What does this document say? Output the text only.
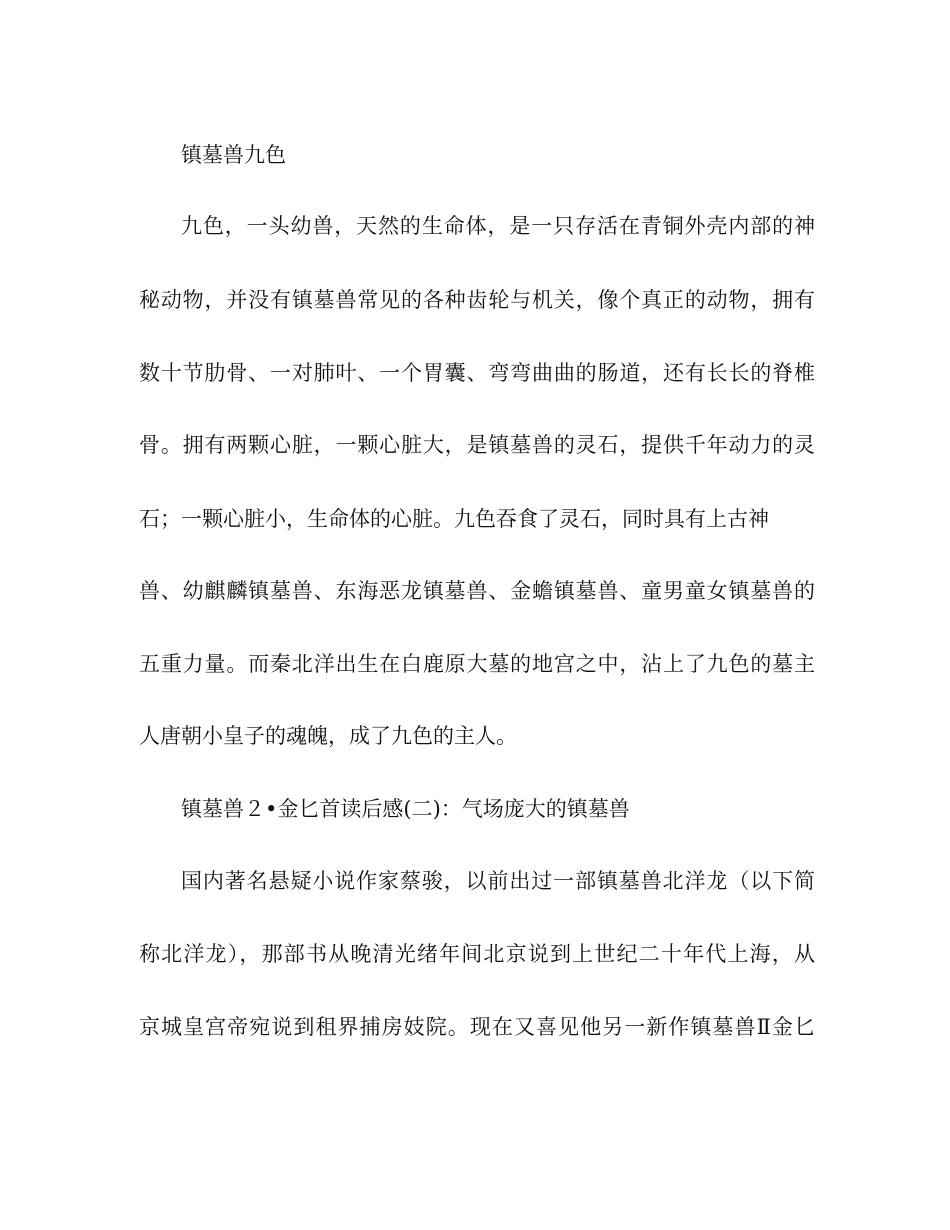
镇墓兽九色
九色，一头幼兽，天然的生命体，是一只存活在青铜外壳内部的神
秘动物，并没有镇墓兽常见的各种齿轮与机关，像个真正的动物，拥有
数十节肋骨、一对肺叶、一个胃囊、弯弯曲曲的肠道，还有长长的脊椎
骨。拥有两颗心脏，一颗心脏大，是镇墓兽的灵石，提供千年动力的灵
石；一颗心脏小，生命体的心脏。九色吞食了灵石，同时具有上古神
兽、幼麒麟镇墓兽、东海恶龙镇墓兽、金蟾镇墓兽、童男童女镇墓兽的
五重力量。而秦北洋出生在白鹿原大墓的地宫之中，沾上了九色的墓主
人唐朝小皇子的魂魄，成了九色的主人。
镇墓兽２•金匕首读后感(二)：气场庞大的镇墓兽
国内著名悬疑小说作家蔡骏，以前出过一部镇墓兽北洋龙（以下简
称北洋龙），那部书从晚清光绪年间北京说到上世纪二十年代上海，从
京城皇宫帝宛说到租界捕房妓院。现在又喜见他另一新作镇墓兽Ⅱ金匕
